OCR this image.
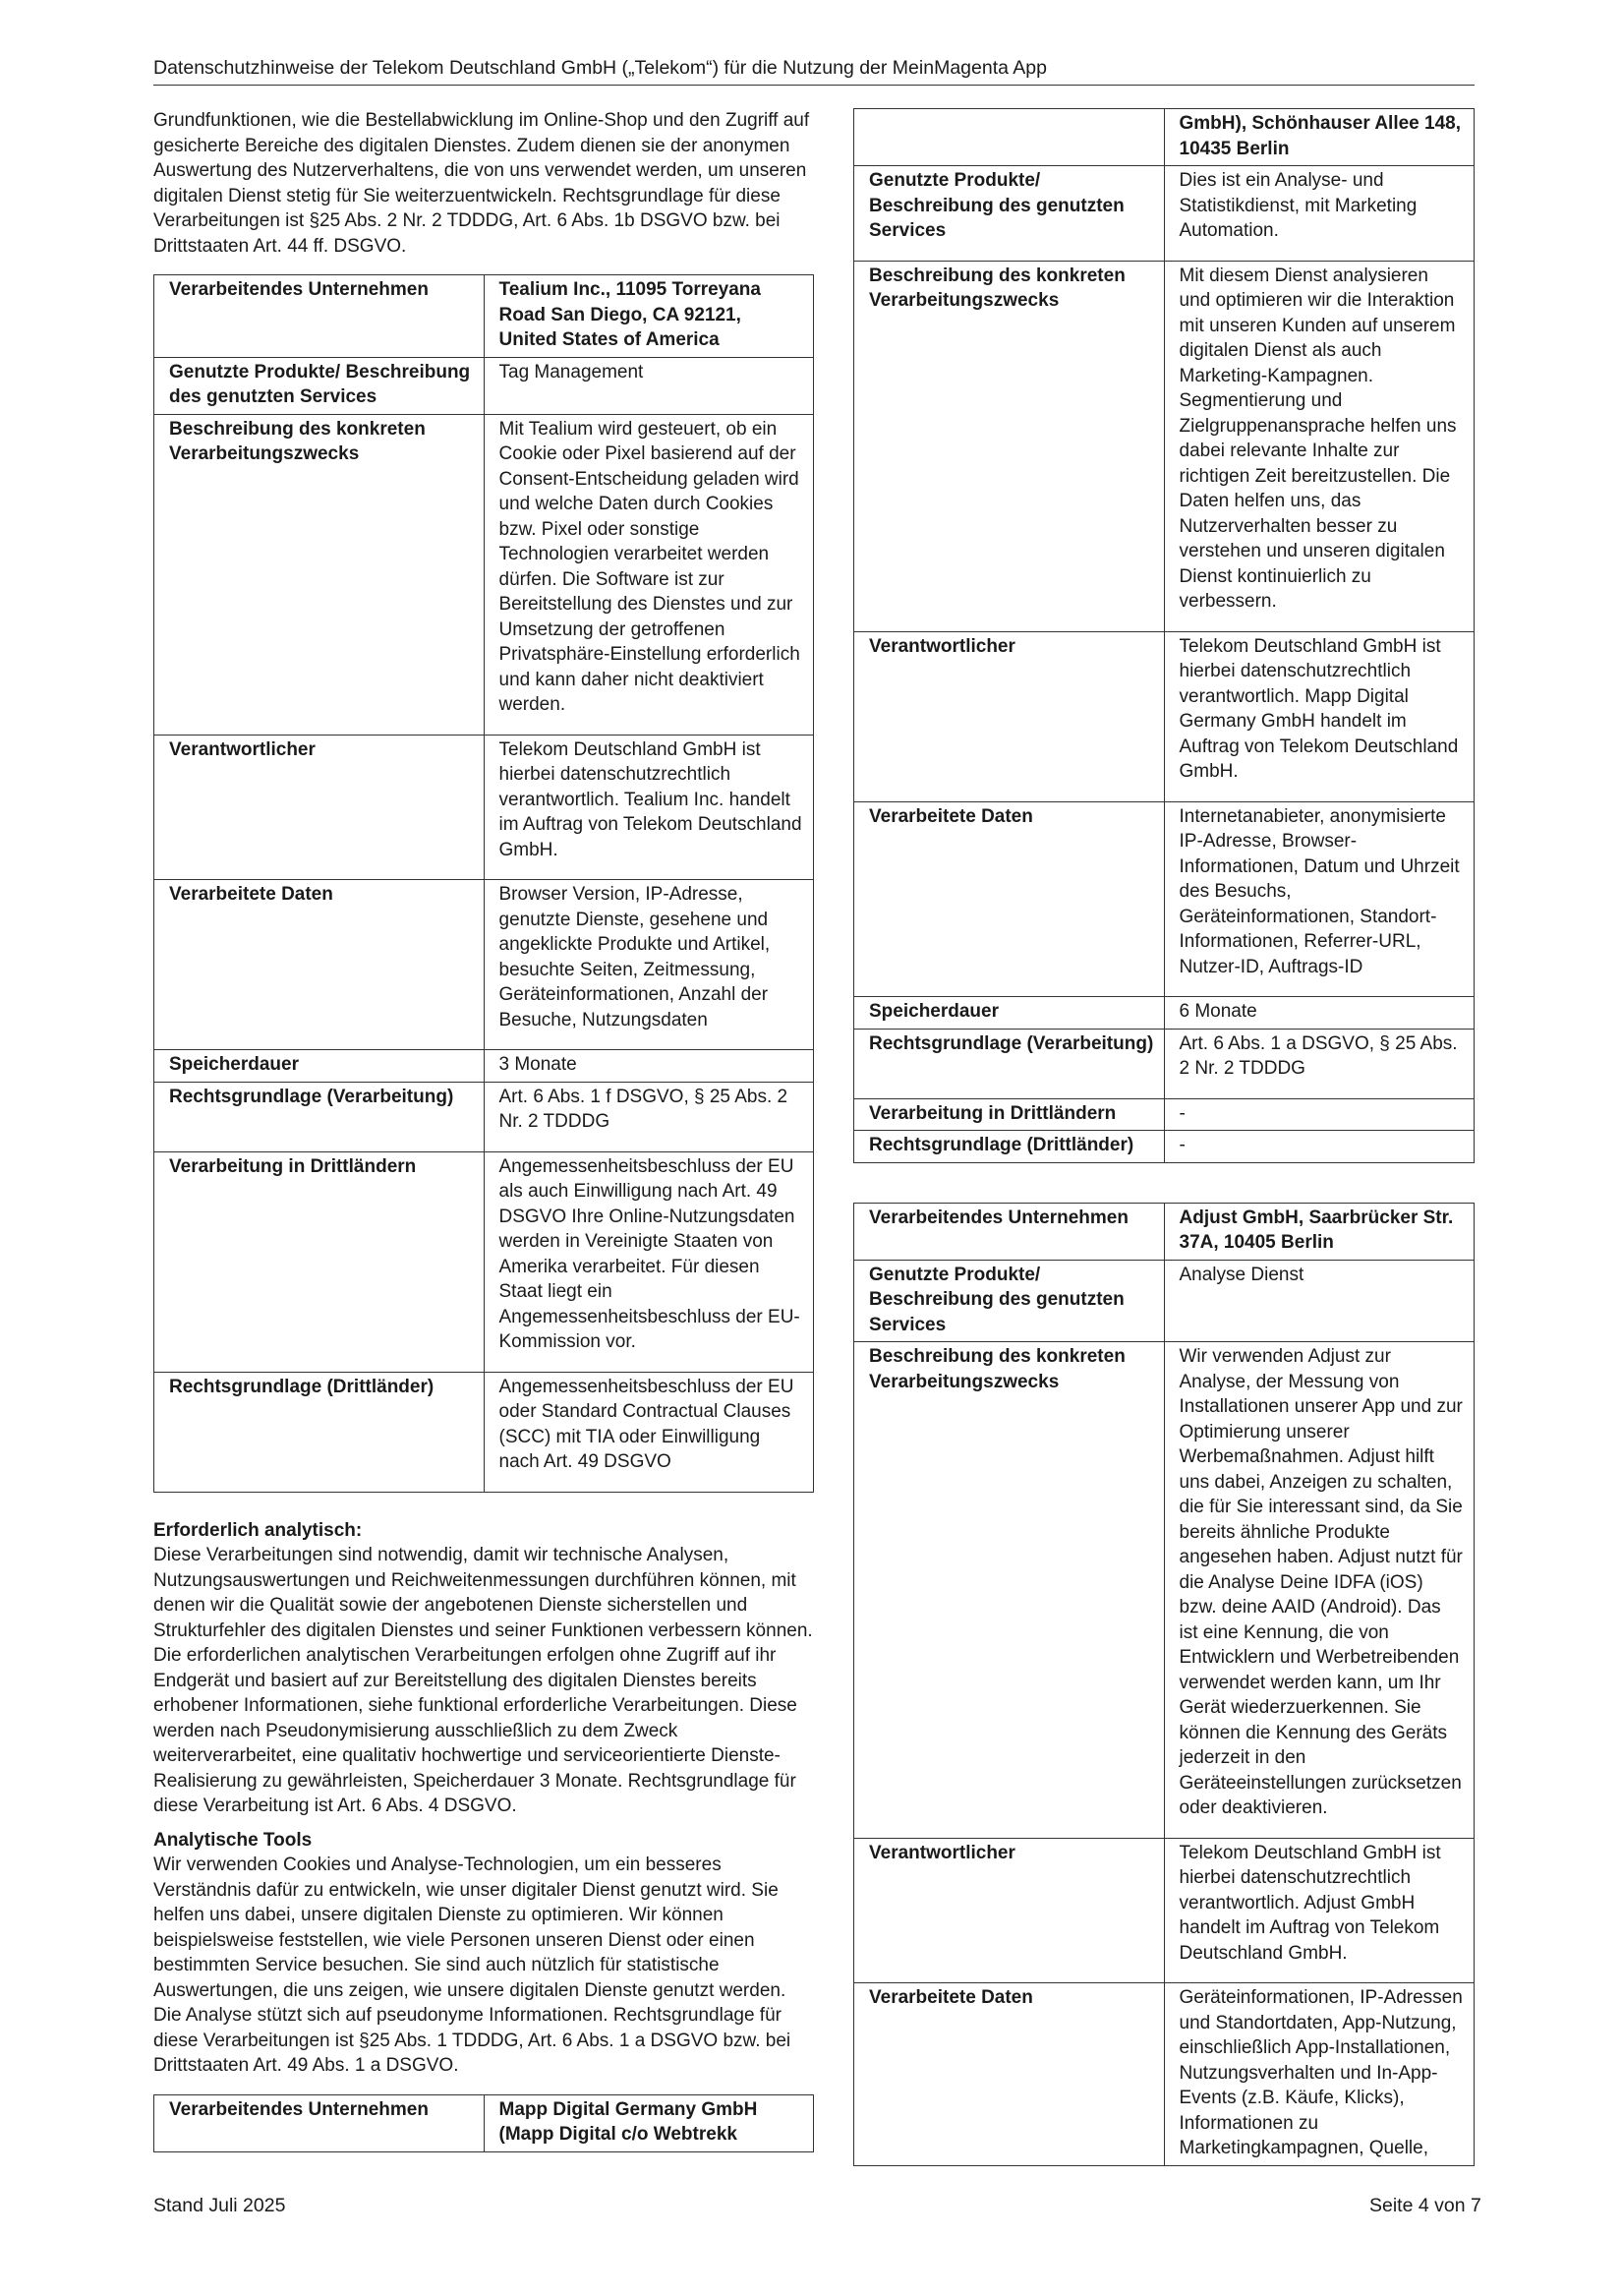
Datenschutzhinweise der Telekom Deutschland GmbH („Telekom“) für die Nutzung der MeinMagenta App

Grundfunktionen, wie die Bestellabwicklung im Online-Shop und den Zugriff auf gesicherte Bereiche des digitalen Dienstes. Zudem dienen sie der anonymen Auswertung des Nutzerverhaltens, die von uns verwendet werden, um unseren digitalen Dienst stetig für Sie weiterzuentwickeln. Rechtsgrundlage für diese Verarbeitungen ist §25 Abs. 2 Nr. 2 TDDDG, Art. 6 Abs. 1b DSGVO bzw. bei Drittstaaten Art. 44 ff. DSGVO.

Verarbeitendes Unternehmen	Tealium Inc., 11095 Torreyana Road San Diego, CA 92121, United States of America
Genutzte Produkte/ Beschreibung des genutzten Services	Tag Management
Beschreibung des konkreten Verarbeitungszwecks	Mit Tealium wird gesteuert, ob ein Cookie oder Pixel basierend auf der Consent-Entscheidung geladen wird und welche Daten durch Cookies bzw. Pixel oder sonstige Technologien verarbeitet werden dürfen. Die Software ist zur Bereitstellung des Dienstes und zur Umsetzung der getroffenen Privatsphäre-Einstellung erforderlich und kann daher nicht deaktiviert werden.
Verantwortlicher	Telekom Deutschland GmbH ist hierbei datenschutzrechtlich verantwortlich. Tealium Inc. handelt im Auftrag von Telekom Deutschland GmbH.
Verarbeitete Daten	Browser Version, IP-Adresse, genutzte Dienste, gesehene und angeklickte Produkte und Artikel, besuchte Seiten, Zeitmessung, Geräteinformationen, Anzahl der Besuche, Nutzungsdaten
Speicherdauer	3 Monate
Rechtsgrundlage (Verarbeitung)	Art. 6 Abs. 1 f DSGVO, § 25 Abs. 2 Nr. 2 TDDDG
Verarbeitung in Drittländern	Angemessenheitsbeschluss der EU als auch Einwilligung nach Art. 49 DSGVO Ihre Online-Nutzungsdaten werden in Vereinigte Staaten von Amerika verarbeitet. Für diesen Staat liegt ein Angemessenheitsbeschluss der EU-Kommission vor.
Rechtsgrundlage (Drittländer)	Angemessenheitsbeschluss der EU oder Standard Contractual Clauses (SCC) mit TIA oder Einwilligung nach Art. 49 DSGVO

Erforderlich analytisch:

Diese Verarbeitungen sind notwendig, damit wir technische Analysen, Nutzungsauswertungen und Reichweitenmessungen durchführen können, mit denen wir die Qualität sowie der angebotenen Dienste sicherstellen und Strukturfehler des digitalen Dienstes und seiner Funktionen verbessern können. Die erforderlichen analytischen Verarbeitungen erfolgen ohne Zugriff auf ihr Endgerät und basiert auf zur Bereitstellung des digitalen Dienstes bereits erhobener Informationen, siehe funktional erforderliche Verarbeitungen. Diese werden nach Pseudonymisierung ausschließlich zu dem Zweck weiterverarbeitet, eine qualitativ hochwertige und serviceorientierte Dienste-Realisierung zu gewährleisten, Speicherdauer 3 Monate. Rechtsgrundlage für diese Verarbeitung ist Art. 6 Abs. 4 DSGVO.

Analytische Tools

Wir verwenden Cookies und Analyse-Technologien, um ein besseres Verständnis dafür zu entwickeln, wie unser digitaler Dienst genutzt wird. Sie helfen uns dabei, unsere digitalen Dienste zu optimieren. Wir können beispielsweise feststellen, wie viele Personen unseren Dienst oder einen bestimmten Service besuchen. Sie sind auch nützlich für statistische Auswertungen, die uns zeigen, wie unsere digitalen Dienste genutzt werden. Die Analyse stützt sich auf pseudonyme Informationen. Rechtsgrundlage für diese Verarbeitungen ist §25 Abs. 1 TDDDG, Art. 6 Abs. 1 a DSGVO bzw. bei Drittstaaten Art. 49 Abs. 1 a DSGVO.

Verarbeitendes Unternehmen	Mapp Digital Germany GmbH (Mapp Digital c/o Webtrekk
	GmbH), Schönhauser Allee 148, 10435 Berlin
Genutzte Produkte/ Beschreibung des genutzten Services	Dies ist ein Analyse- und Statistikdienst, mit Marketing Automation.
Beschreibung des konkreten Verarbeitungszwecks	Mit diesem Dienst analysieren und optimieren wir die Interaktion mit unseren Kunden auf unserem digitalen Dienst als auch Marketing-Kampagnen. Segmentierung und Zielgruppenansprache helfen uns dabei relevante Inhalte zur richtigen Zeit bereitzustellen. Die Daten helfen uns, das Nutzerverhalten besser zu verstehen und unseren digitalen Dienst kontinuierlich zu verbessern.
Verantwortlicher	Telekom Deutschland GmbH ist hierbei datenschutzrechtlich verantwortlich. Mapp Digital Germany GmbH handelt im Auftrag von Telekom Deutschland GmbH.
Verarbeitete Daten	Internetanabieter, anonymisierte IP-Adresse, Browser-Informationen, Datum und Uhrzeit des Besuchs, Geräteinformationen, Standort-Informationen, Referrer-URL, Nutzer-ID, Auftrags-ID
Speicherdauer	6 Monate
Rechtsgrundlage (Verarbeitung)	Art. 6 Abs. 1 a DSGVO, § 25 Abs. 2 Nr. 2 TDDDG
Verarbeitung in Drittländern	-
Rechtsgrundlage (Drittländer)	-
Verarbeitendes Unternehmen	Adjust GmbH, Saarbrücker Str. 37A, 10405 Berlin
Genutzte Produkte/ Beschreibung des genutzten Services	Analyse Dienst
Beschreibung des konkreten Verarbeitungszwecks	Wir verwenden Adjust zur Analyse, der Messung von Installationen unserer App und zur Optimierung unserer Werbemaßnahmen. Adjust hilft uns dabei, Anzeigen zu schalten, die für Sie interessant sind, da Sie bereits ähnliche Produkte angesehen haben. Adjust nutzt für die Analyse Deine IDFA (iOS) bzw. deine AAID (Android). Das ist eine Kennung, die von Entwicklern und Werbetreibenden verwendet werden kann, um Ihr Gerät wiederzuerkennen. Sie können die Kennung des Geräts jederzeit in den Geräteeinstellungen zurücksetzen oder deaktivieren.
Verantwortlicher	Telekom Deutschland GmbH ist hierbei datenschutzrechtlich verantwortlich. Adjust GmbH handelt im Auftrag von Telekom Deutschland GmbH.
Verarbeitete Daten	Geräteinformationen, IP-Adressen und Standortdaten, App-Nutzung, einschließlich App-Installationen, Nutzungsverhalten und In-App-Events (z.B. Käufe, Klicks), Informationen zu Marketingkampagnen, Quelle,
Stand Juli 2025	Seite 4 von 7
